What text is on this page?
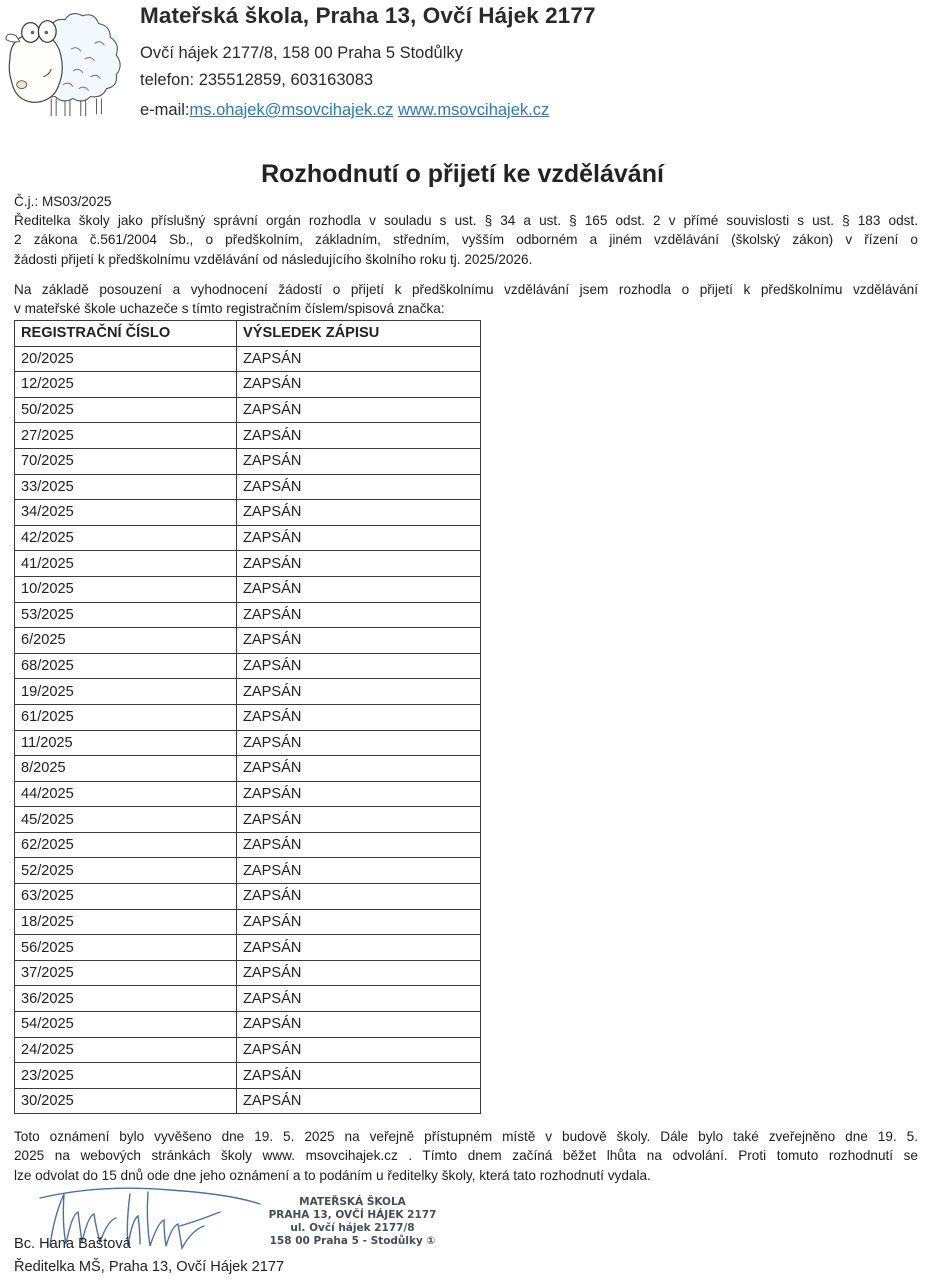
Mateřská škola, Praha 13, Ovčí Hájek 2177
Ovčí hájek 2177/8, 158 00 Praha 5 Stodůlky
telefon: 235512859, 603163083
e-mail:ms.ohajek@msovcihajek.cz www.msovcihajek.cz
Rozhodnutí o přijetí ke vzdělávání
Č.j.: MS03/2025
Ředitelka školy jako příslušný správní orgán rozhodla v souladu s ust. § 34 a ust. § 165 odst. 2 v přímé souvislosti s ust. § 183 odst.
2 zákona č.561/2004 Sb., o předškolním, základním, středním, vyšším odborném a jiném vzdělávání (školský zákon) v řízení o
žádosti přijetí k předškolnímu vzdělávání od následujícího školního roku tj. 2025/2026.
Na základě posouzení a vyhodnocení žádostí o přijetí k předškolnímu vzdělávání jsem rozhodla o přijetí k předškolnímu vzdělávání
v mateřské škole uchazeče s tímto registračním číslem/spisová značka:
REGISTRAČNÍ ČÍSLO	VÝSLEDEK ZÁPISU
20/2025	ZAPSÁN
12/2025	ZAPSÁN
50/2025	ZAPSÁN
27/2025	ZAPSÁN
70/2025	ZAPSÁN
33/2025	ZAPSÁN
34/2025	ZAPSÁN
42/2025	ZAPSÁN
41/2025	ZAPSÁN
10/2025	ZAPSÁN
53/2025	ZAPSÁN
6/2025	ZAPSÁN
68/2025	ZAPSÁN
19/2025	ZAPSÁN
61/2025	ZAPSÁN
11/2025	ZAPSÁN
8/2025	ZAPSÁN
44/2025	ZAPSÁN
45/2025	ZAPSÁN
62/2025	ZAPSÁN
52/2025	ZAPSÁN
63/2025	ZAPSÁN
18/2025	ZAPSÁN
56/2025	ZAPSÁN
37/2025	ZAPSÁN
36/2025	ZAPSÁN
54/2025	ZAPSÁN
24/2025	ZAPSÁN
23/2025	ZAPSÁN
30/2025	ZAPSÁN
Toto oznámení bylo vyvěšeno dne 19. 5. 2025 na veřejně přístupném místě v budově školy. Dále bylo také zveřejněno dne 19. 5.
2025 na webových stránkách školy www. msovcihajek.cz . Tímto dnem začíná běžet lhůta na odvolání. Proti tomuto rozhodnutí se
lze odvolat do 15 dnů ode dne jeho oznámení a to podáním u ředitelky školy, která tato rozhodnutí vydala.
MATEŘSKÁ ŠKOLA
PRAHA 13, OVČÍ HÁJEK 2177
ul. Ovčí hájek 2177/8
158 00 Praha 5 - Stodůlky ①
Bc. Hana Baštová
Ředitelka MŠ, Praha 13, Ovčí Hájek 2177
